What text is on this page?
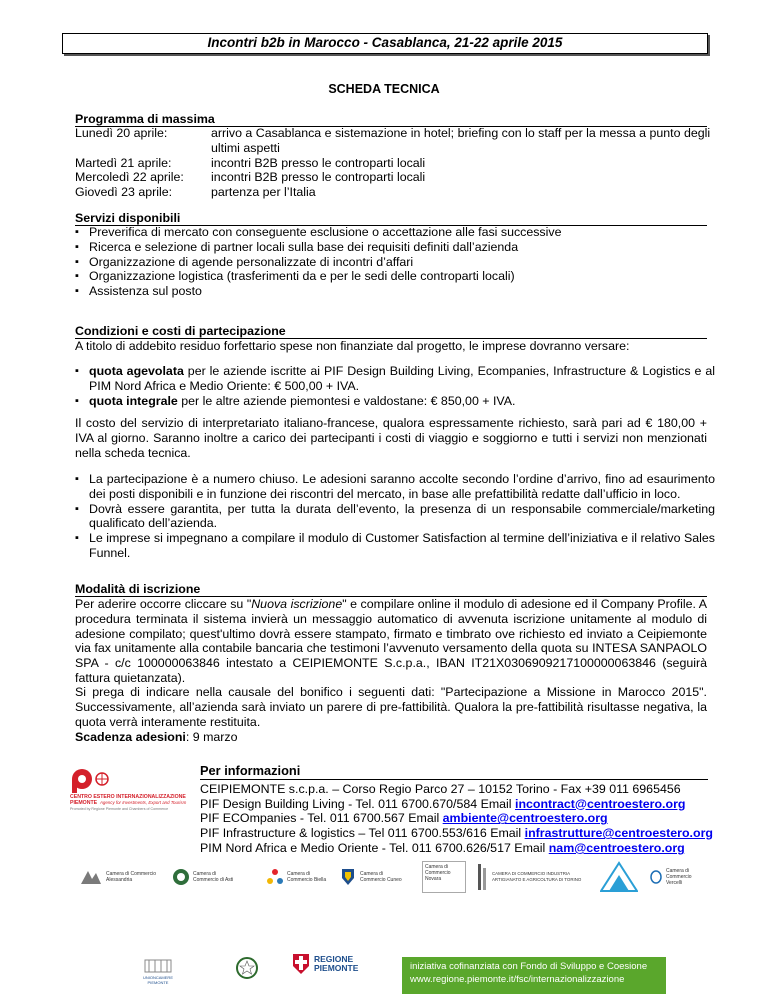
Incontri b2b in Marocco - Casablanca, 21-22 aprile 2015
SCHEDA TECNICA
Programma di massima
Lunedì 20 aprile:	arrivo a Casablanca e sistemazione in hotel; briefing con lo staff per la messa a punto degli ultimi aspetti
Martedì 21 aprile:	incontri B2B presso le controparti locali
Mercoledì 22 aprile:	incontri B2B presso le controparti locali
Giovedì 23 aprile:	partenza per l’Italia
Servizi disponibili
▪ Preverifica di mercato con conseguente esclusione o accettazione alle fasi successive
▪ Ricerca e selezione di partner locali sulla base dei requisiti definiti dall’azienda
▪ Organizzazione di agende personalizzate di incontri d’affari
▪ Organizzazione logistica (trasferimenti da e per le sedi delle controparti locali)
▪ Assistenza sul posto
Condizioni e costi di partecipazione
A titolo di addebito residuo forfettario spese non finanziate dal progetto, le imprese dovranno versare:
▪ quota agevolata per le aziende iscritte ai PIF Design Building Living, Ecompanies, Infrastructure & Logistics e al PIM Nord Africa e Medio Oriente: € 500,00 + IVA.
▪ quota integrale per le altre aziende piemontesi e valdostane: € 850,00 + IVA.
Il costo del servizio di interpretariato italiano-francese, qualora espressamente richiesto, sarà pari ad € 180,00 + IVA al giorno. Saranno inoltre a carico dei partecipanti i costi di viaggio e soggiorno e tutti i servizi non menzionati nella scheda tecnica.
▪ La partecipazione è a numero chiuso. Le adesioni saranno accolte secondo l’ordine d’arrivo, fino ad esaurimento dei posti disponibili e in funzione dei riscontri del mercato, in base alle prefattibilità redatte dall’ufficio in loco.
▪ Dovrà essere garantita, per tutta la durata dell’evento, la presenza di un responsabile commerciale/marketing qualificato dell’azienda.
▪ Le imprese si impegnano a compilare il modulo di Customer Satisfaction al termine dell’iniziativa e il relativo Sales Funnel.
Modalità di iscrizione
Per aderire occorre cliccare su "Nuova iscrizione" e compilare online il modulo di adesione ed il Company Profile. A procedura terminata il sistema invierà un messaggio automatico di avvenuta iscrizione unitamente al modulo di adesione compilato; quest'ultimo dovrà essere stampato, firmato e timbrato ove richiesto ed inviato a Ceipiemonte via fax unitamente alla contabile bancaria che testimoni l’avvenuto versamento della quota su INTESA SANPAOLO SPA - c/c 100000063846 intestato a CEIPIEMONTE S.c.p.a., IBAN IT21X0306909217100000063846 (seguirà fattura quietanzata).
Si prega di indicare nella causale del bonifico i seguenti dati: "Partecipazione a Missione in Marocco 2015". Successivamente, all’azienda sarà inviato un parere di pre-fattibilità. Qualora la pre-fattibilità risultasse negativa, la quota verrà interamente restituita.
Scadenza adesioni: 9 marzo
CENTRO ESTERO INTERNAZIONALIZZAZIONE
PIEMONTE Agency for Investments, Export and Tourism
Promoted by Regione Piemonte and Chambers of Commerce
Per informazioni
CEIPIEMONTE s.c.p.a. – Corso Regio Parco 27 – 10152 Torino - Fax +39 011 6965456
PIF Design Building Living - Tel. 011 6700.670/584 Email incontract@centroestero.org
PIF ECOmpanies - Tel. 011 6700.567 Email ambiente@centroestero.org
PIF Infrastructure & logistics – Tel 011 6700.553/616 Email infrastrutture@centroestero.org
PIM Nord Africa e Medio Oriente - Tel. 011 6700.626/517 Email nam@centroestero.org
Camera di Commercio Alessandria
Camera di Commercio di Asti
Camera di Commercio Biella
Camera di Commercio Cuneo
Camera di Commercio Novara
CAMERA DI COMMERCIO INDUSTRIA ARTIGIANATO E AGRICOLTURA DI TORINO
Camera di Commercio Vercelli
UNIONCAMERE PIEMONTE
REGIONE PIEMONTE	iniziativa cofinanziata con Fondo di Sviluppo e Coesione
www.regione.piemonte.it/fsc/internazionalizzazione
